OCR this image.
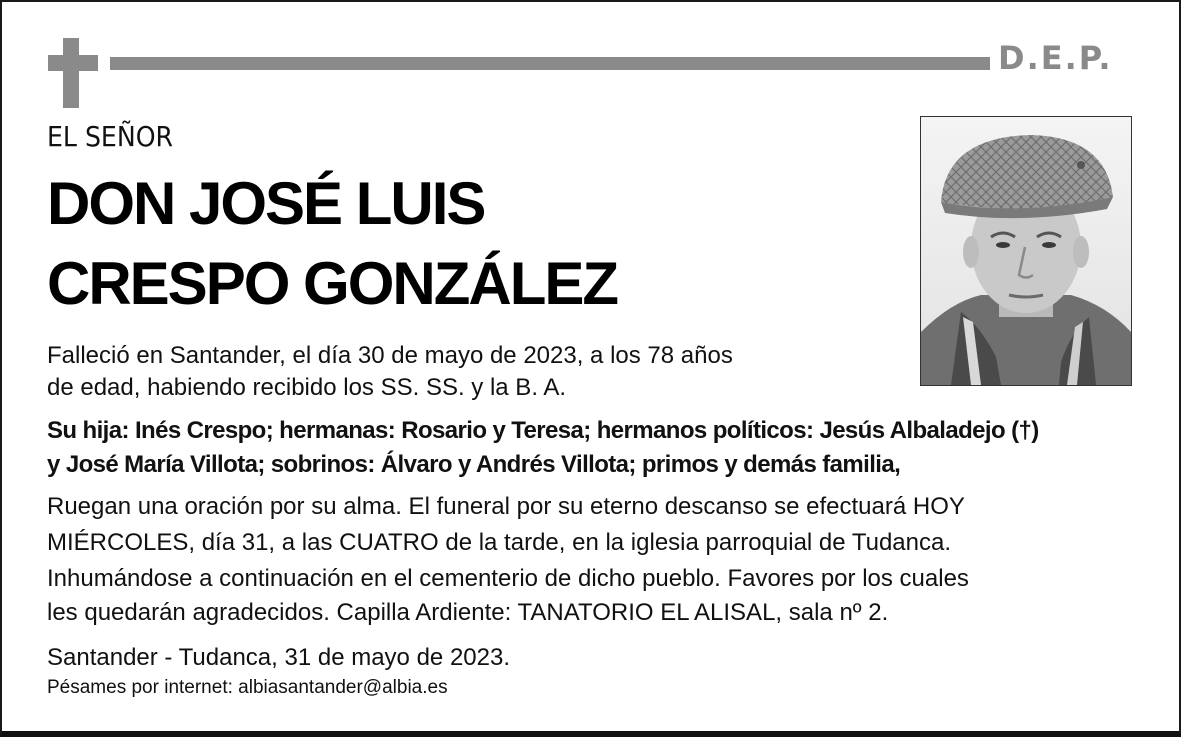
D.E.P.
EL SEÑOR
DON JOSÉ LUIS
CRESPO GONZÁLEZ
Falleció en Santander, el día 30 de mayo de 2023, a los 78 años
de edad, habiendo recibido los SS. SS. y la B. A.
Su hija: Inés Crespo; hermanas: Rosario y Teresa; hermanos políticos: Jesús Albaladejo (†)
y José María Villota; sobrinos: Álvaro y Andrés Villota; primos y demás familia,
Ruegan una oración por su alma. El funeral por su eterno descanso se efectuará HOY
MIÉRCOLES, día 31, a las CUATRO de la tarde, en la iglesia parroquial de Tudanca.
Inhumándose a continuación en el cementerio de dicho pueblo. Favores por los cuales
les quedarán agradecidos. Capilla Ardiente: TANATORIO EL ALISAL, sala nº 2.
Santander - Tudanca, 31 de mayo de 2023.
Pésames por internet: albiasantander@albia.es
